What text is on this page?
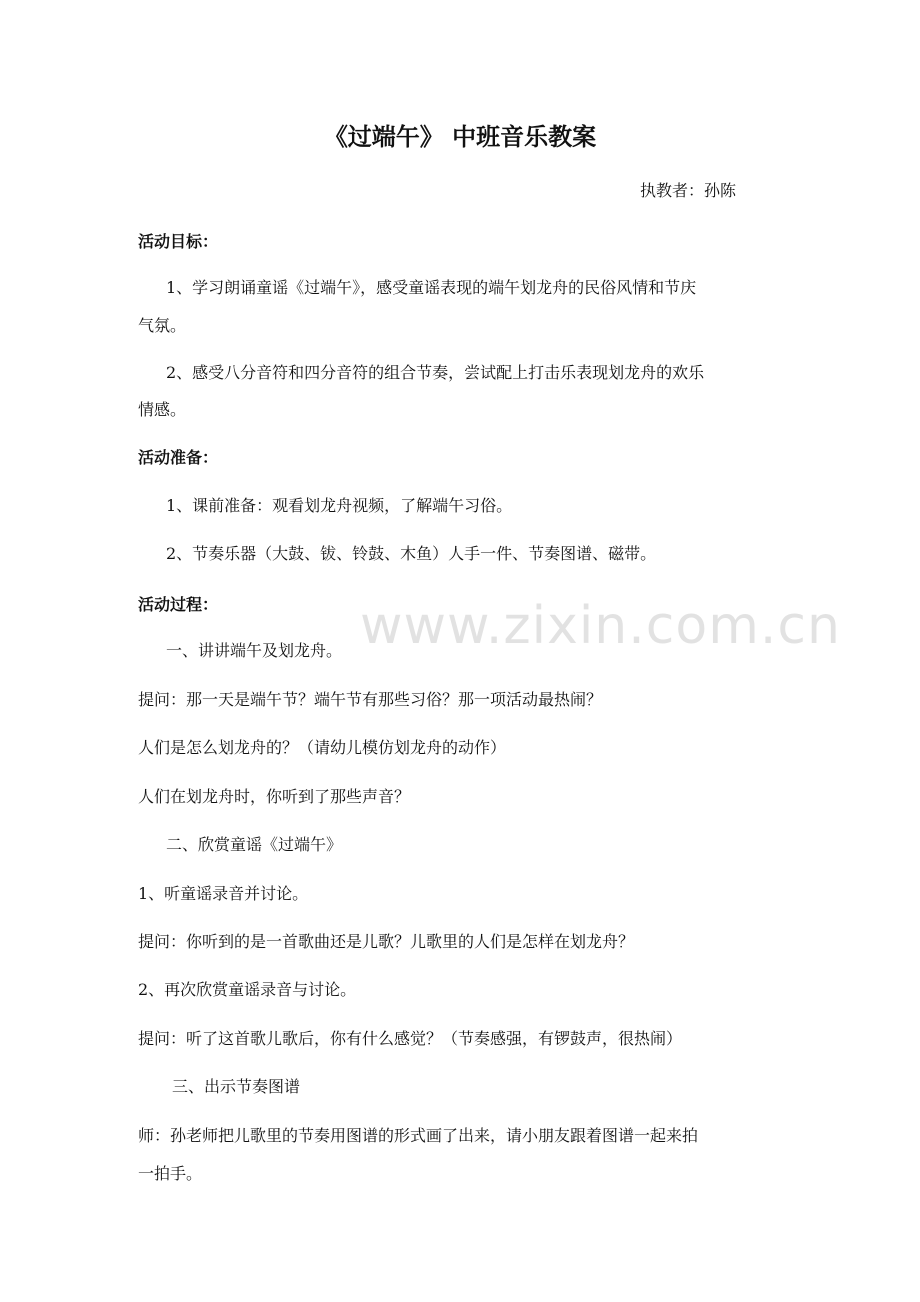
《过端午》 中班音乐教案
执教者：孙陈
活动目标：
1、学习朗诵童谣《过端午》，感受童谣表现的端午划龙舟的民俗风情和节庆
气氛。
2、感受八分音符和四分音符的组合节奏，尝试配上打击乐表现划龙舟的欢乐
情感。
活动准备：
1、课前准备：观看划龙舟视频，了解端午习俗。
2、节奏乐器（大鼓、钹、铃鼓、木鱼）人手一件、节奏图谱、磁带。
活动过程：
一、讲讲端午及划龙舟。
提问：那一天是端午节？端午节有那些习俗？那一项活动最热闹？
人们是怎么划龙舟的？（请幼儿模仿划龙舟的动作）
人们在划龙舟时，你听到了那些声音？
二、欣赏童谣《过端午》
1、听童谣录音并讨论。
提问：你听到的是一首歌曲还是儿歌？儿歌里的人们是怎样在划龙舟？
2、再次欣赏童谣录音与讨论。
提问：听了这首歌儿歌后，你有什么感觉？（节奏感强，有锣鼓声，很热闹）
三、出示节奏图谱
师：孙老师把儿歌里的节奏用图谱的形式画了出来，请小朋友跟着图谱一起来拍
一拍手。
www.zixin.com.cn
